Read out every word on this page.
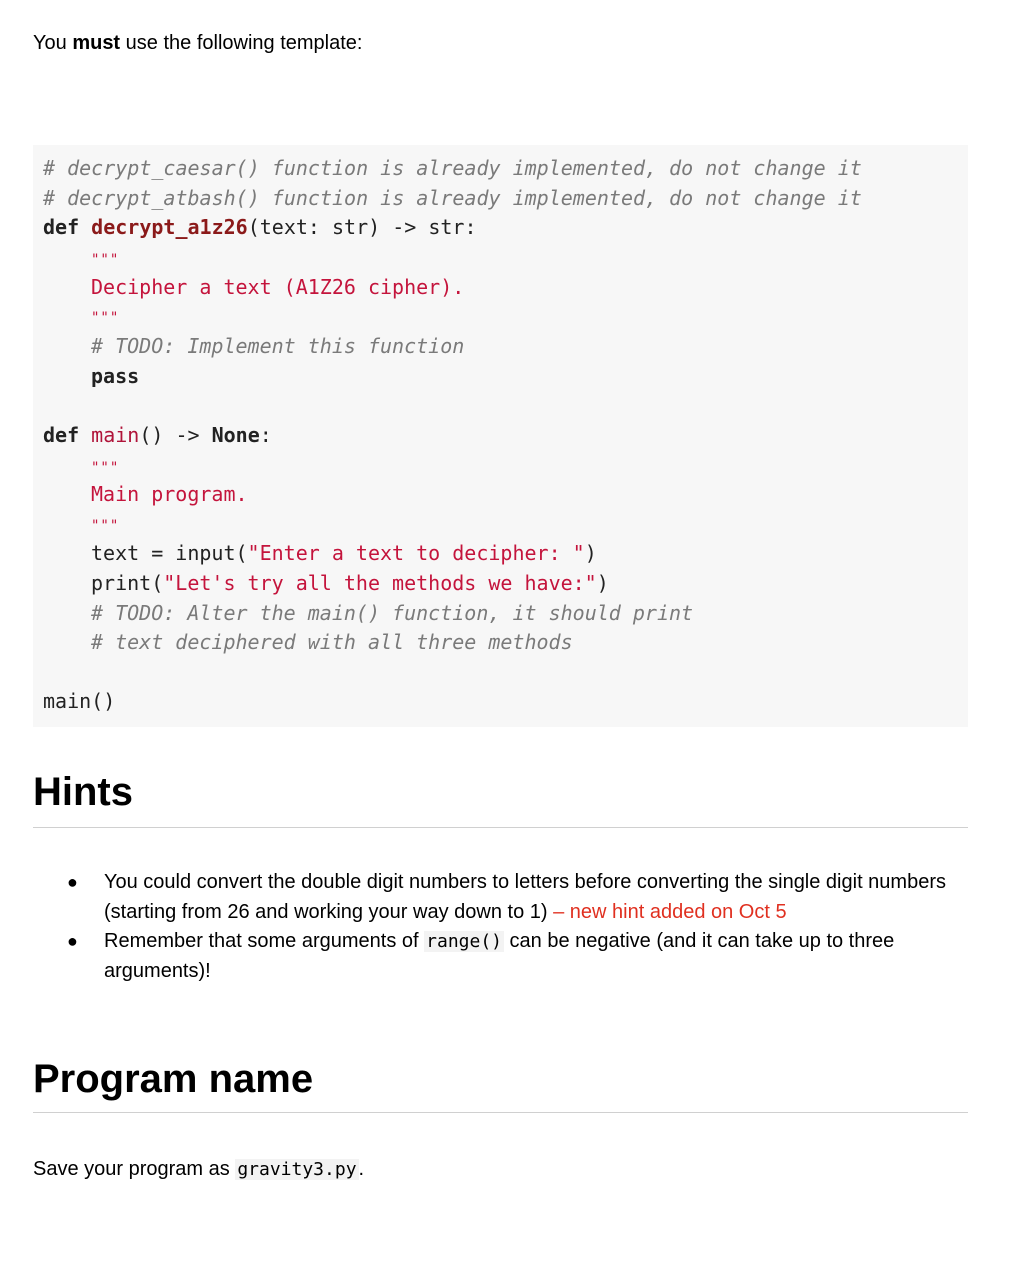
You must use the following template:
# decrypt_caesar() function is already implemented, do not change it
# decrypt_atbash() function is already implemented, do not change it
def decrypt_a1z26(text: str) -> str:
"""
Decipher a text (A1Z26 cipher).
"""
# TODO: Implement this function
pass
def main() -> None:
"""
Main program.
"""
text = input("Enter a text to decipher: ")
print("Let's try all the methods we have:")
# TODO: Alter the main() function, it should print
# text deciphered with all three methods
main()
Hints
● You could convert the double digit numbers to letters before converting the single digit numbers (starting from 26 and working your way down to 1) – new hint added on Oct 5
● Remember that some arguments of range() can be negative (and it can take up to three arguments)!
Program name
Save your program as gravity3.py .
